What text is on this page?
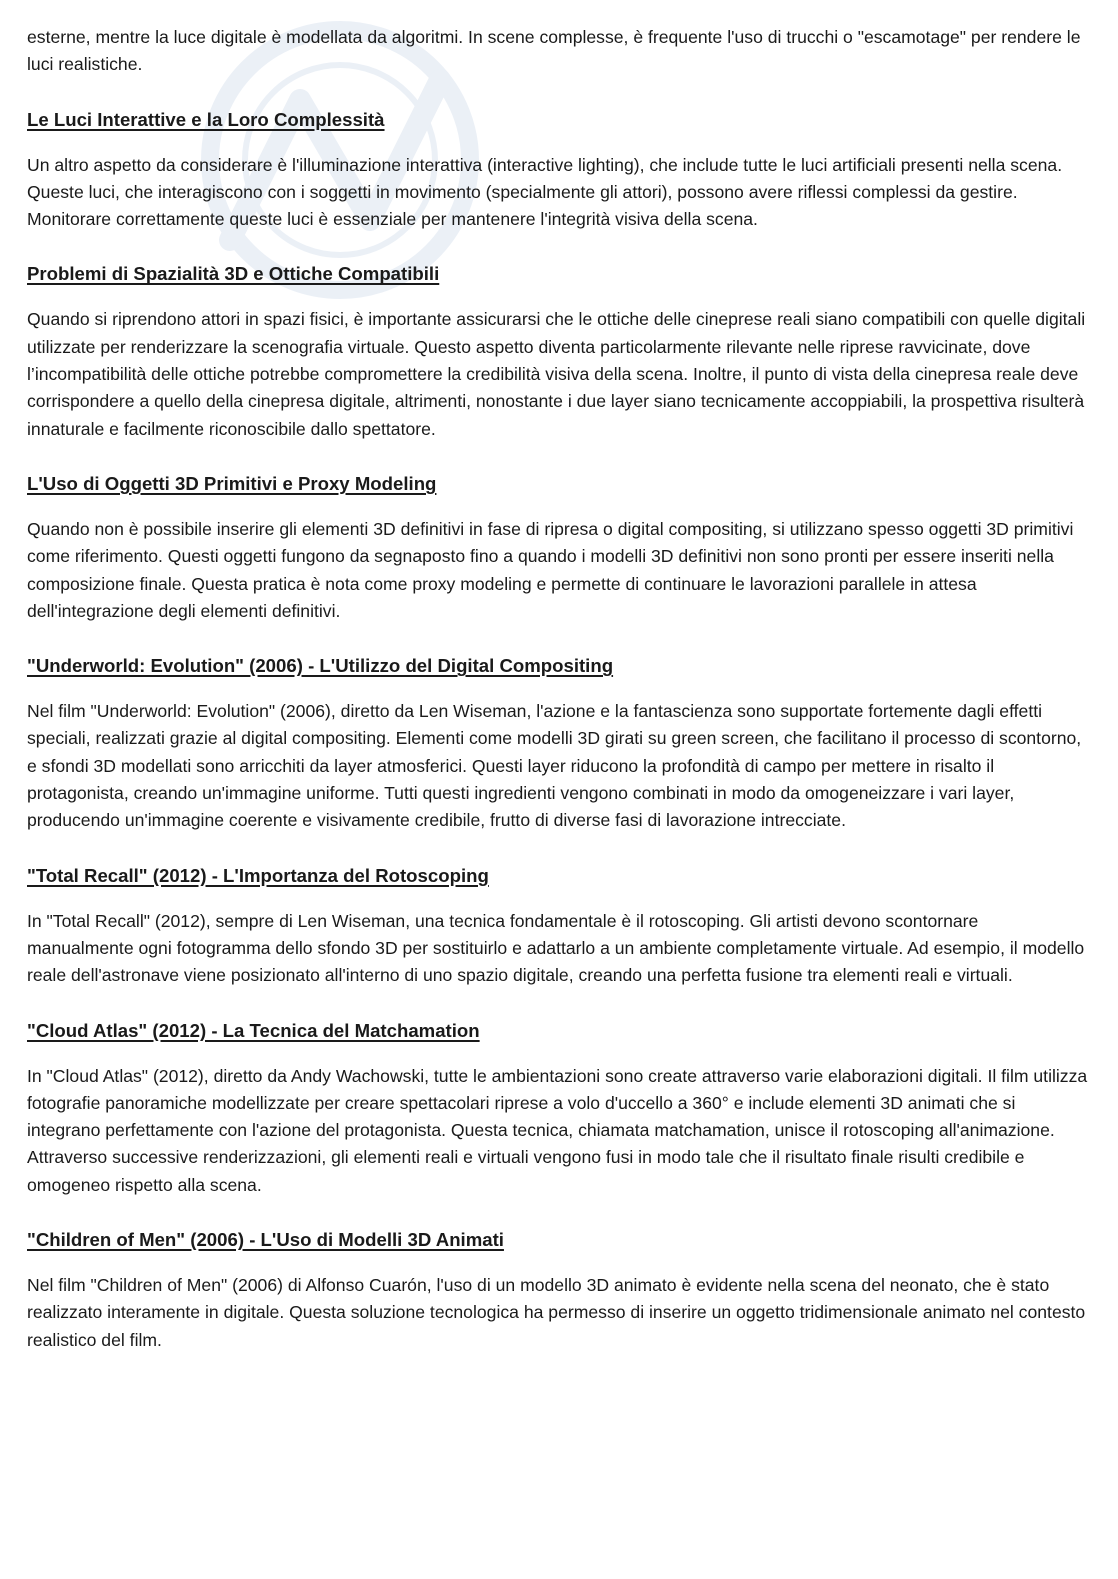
esterne, mentre la luce digitale è modellata da algoritmi. In scene complesse, è frequente l'uso di trucchi o "escamotage" per rendere le luci realistiche.

Le Luci Interattive e la Loro Complessità

Un altro aspetto da considerare è l'illuminazione interattiva (interactive lighting), che include tutte le luci artificiali presenti nella scena. Queste luci, che interagiscono con i soggetti in movimento (specialmente gli attori), possono avere riflessi complessi da gestire. Monitorare correttamente queste luci è essenziale per mantenere l'integrità visiva della scena.

Problemi di Spazialità 3D e Ottiche Compatibili

Quando si riprendono attori in spazi fisici, è importante assicurarsi che le ottiche delle cineprese reali siano compatibili con quelle digitali utilizzate per renderizzare la scenografia virtuale. Questo aspetto diventa particolarmente rilevante nelle riprese ravvicinate, dove l’incompatibilità delle ottiche potrebbe compromettere la credibilità visiva della scena. Inoltre, il punto di vista della cinepresa reale deve corrispondere a quello della cinepresa digitale, altrimenti, nonostante i due layer siano tecnicamente accoppiabili, la prospettiva risulterà innaturale e facilmente riconoscibile dallo spettatore.

L'Uso di Oggetti 3D Primitivi e Proxy Modeling

Quando non è possibile inserire gli elementi 3D definitivi in fase di ripresa o digital compositing, si utilizzano spesso oggetti 3D primitivi come riferimento. Questi oggetti fungono da segnaposto fino a quando i modelli 3D definitivi non sono pronti per essere inseriti nella composizione finale. Questa pratica è nota come proxy modeling e permette di continuare le lavorazioni parallele in attesa dell'integrazione degli elementi definitivi.

"Underworld: Evolution" (2006) - L'Utilizzo del Digital Compositing

Nel film "Underworld: Evolution" (2006), diretto da Len Wiseman, l'azione e la fantascienza sono supportate fortemente dagli effetti speciali, realizzati grazie al digital compositing. Elementi come modelli 3D girati su green screen, che facilitano il processo di scontorno, e sfondi 3D modellati sono arricchiti da layer atmosferici. Questi layer riducono la profondità di campo per mettere in risalto il protagonista, creando un'immagine uniforme. Tutti questi ingredienti vengono combinati in modo da omogeneizzare i vari layer, producendo un'immagine coerente e visivamente credibile, frutto di diverse fasi di lavorazione intrecciate.

"Total Recall" (2012) - L'Importanza del Rotoscoping

In "Total Recall" (2012), sempre di Len Wiseman, una tecnica fondamentale è il rotoscoping. Gli artisti devono scontornare manualmente ogni fotogramma dello sfondo 3D per sostituirlo e adattarlo a un ambiente completamente virtuale. Ad esempio, il modello reale dell'astronave viene posizionato all'interno di uno spazio digitale, creando una perfetta fusione tra elementi reali e virtuali.

"Cloud Atlas" (2012) - La Tecnica del Matchamation

In "Cloud Atlas" (2012), diretto da Andy Wachowski, tutte le ambientazioni sono create attraverso varie elaborazioni digitali. Il film utilizza fotografie panoramiche modellizzate per creare spettacolari riprese a volo d'uccello a 360° e include elementi 3D animati che si integrano perfettamente con l'azione del protagonista. Questa tecnica, chiamata matchamation, unisce il rotoscoping all'animazione. Attraverso successive renderizzazioni, gli elementi reali e virtuali vengono fusi in modo tale che il risultato finale risulti credibile e omogeneo rispetto alla scena.

"Children of Men" (2006) - L'Uso di Modelli 3D Animati

Nel film "Children of Men" (2006) di Alfonso Cuarón, l'uso di un modello 3D animato è evidente nella scena del neonato, che è stato realizzato interamente in digitale. Questa soluzione tecnologica ha permesso di inserire un oggetto tridimensionale animato nel contesto realistico del film.
